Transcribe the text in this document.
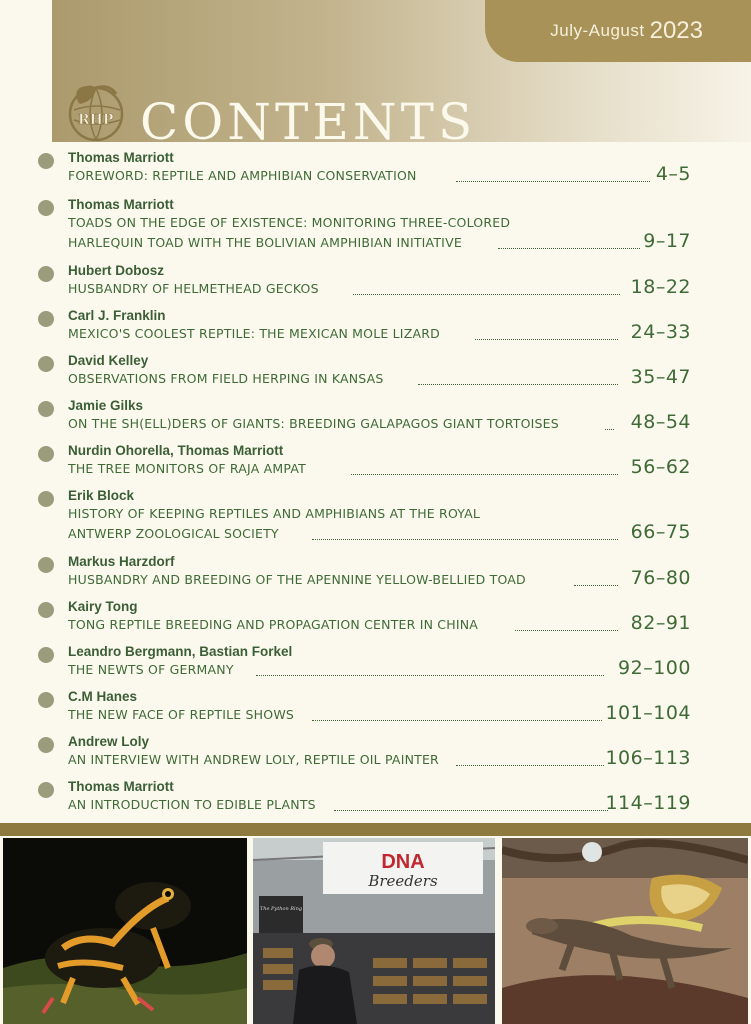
July-August 2023
RHP CONTENTS
Thomas Marriott
FOREWORD: REPTILE AND AMPHIBIAN CONSERVATION	4–5
Thomas Marriott
TOADS ON THE EDGE OF EXISTENCE: MONITORING THREE-COLORED
HARLEQUIN TOAD WITH THE BOLIVIAN AMPHIBIAN INITIATIVE	9–17
Hubert Dobosz
HUSBANDRY OF HELMETHEAD GECKOS	18–22
Carl J. Franklin
MEXICO'S COOLEST REPTILE: THE MEXICAN MOLE LIZARD	24–33
David Kelley
OBSERVATIONS FROM FIELD HERPING IN KANSAS	35–47
Jamie Gilks
ON THE SH(ELL)DERS OF GIANTS: BREEDING GALAPAGOS GIANT TORTOISES	48–54
Nurdin Ohorella, Thomas Marriott
THE TREE MONITORS OF RAJA AMPAT	56–62
Erik Block
HISTORY OF KEEPING REPTILES AND AMPHIBIANS AT THE ROYAL
ANTWERP ZOOLOGICAL SOCIETY	66–75
Markus Harzdorf
HUSBANDRY AND BREEDING OF THE APENNINE YELLOW-BELLIED TOAD	76–80
Kairy Tong
TONG REPTILE BREEDING AND PROPAGATION CENTER IN CHINA	82–91
Leandro Bergmann, Bastian Forkel
THE NEWTS OF GERMANY	92–100
C.M Hanes
THE NEW FACE OF REPTILE SHOWS	101–104
Andrew Loly
AN INTERVIEW WITH ANDREW LOLY, REPTILE OIL PAINTER	106–113
Thomas Marriott
AN INTRODUCTION TO EDIBLE PLANTS	114–119
DNA
Breeders
The Python Ring
